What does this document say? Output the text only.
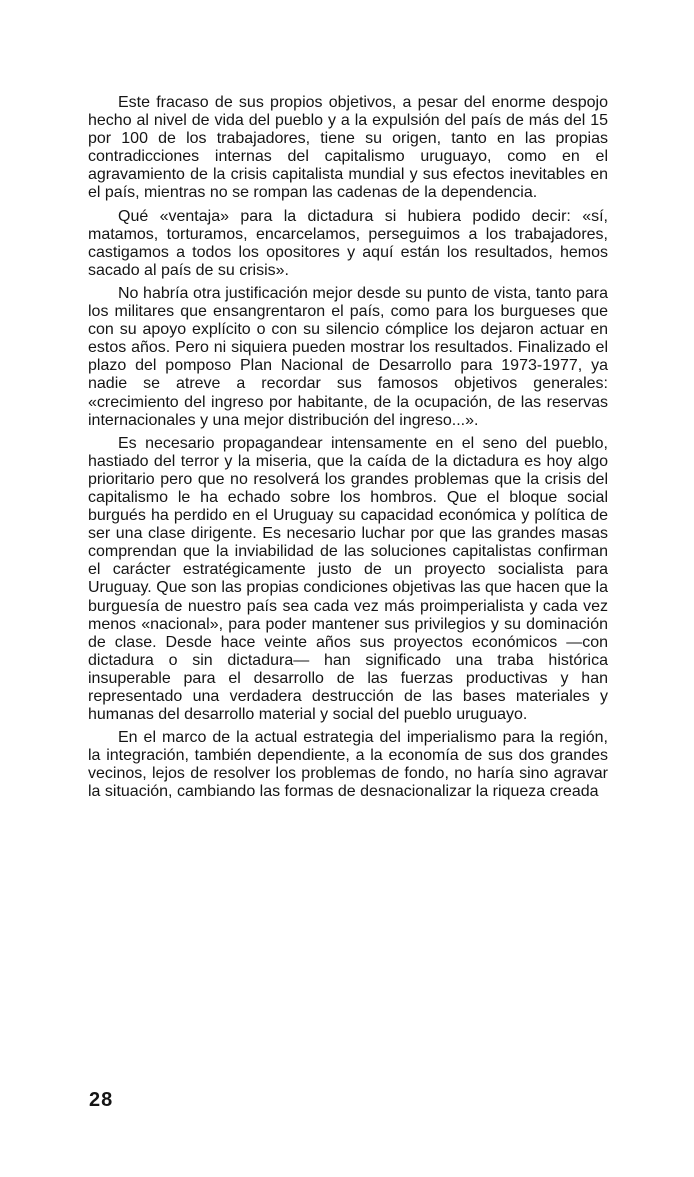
Este fracaso de sus propios objetivos, a pesar del enorme despojo hecho al nivel de vida del pueblo y a la expulsión del país de más del 15 por 100 de los trabajadores, tiene su origen, tanto en las propias contradicciones internas del capitalismo uruguayo, como en el agravamiento de la crisis capitalista mundial y sus efectos inevitables en el país, mientras no se rompan las cadenas de la dependencia.

Qué «ventaja» para la dictadura si hubiera podido decir: «sí, matamos, torturamos, encarcelamos, perseguimos a los trabajadores, castigamos a todos los opositores y aquí están los resultados, hemos sacado al país de su crisis».

No habría otra justificación mejor desde su punto de vista, tanto para los militares que ensangrentaron el país, como para los burgueses que con su apoyo explícito o con su silencio cómplice los dejaron actuar en estos años. Pero ni siquiera pueden mostrar los resultados. Finalizado el plazo del pomposo Plan Nacional de Desarrollo para 1973-1977, ya nadie se atreve a recordar sus famosos objetivos generales: «crecimiento del ingreso por habitante, de la ocupación, de las reservas internacionales y una mejor distribución del ingreso...».

Es necesario propagandear intensamente en el seno del pueblo, hastiado del terror y la miseria, que la caída de la dictadura es hoy algo prioritario pero que no resolverá los grandes problemas que la crisis del capitalismo le ha echado sobre los hombros. Que el bloque social burgués ha perdido en el Uruguay su capacidad económica y política de ser una clase dirigente. Es necesario luchar por que las grandes masas comprendan que la inviabilidad de las soluciones capitalistas confirman el carácter estratégicamente justo de un proyecto socialista para Uruguay. Que son las propias condiciones objetivas las que hacen que la burguesía de nuestro país sea cada vez más proimperialista y cada vez menos «nacional», para poder mantener sus privilegios y su dominación de clase. Desde hace veinte años sus proyectos económicos —con dictadura o sin dictadura— han significado una traba histórica insuperable para el desarrollo de las fuerzas productivas y han representado una verdadera destrucción de las bases materiales y humanas del desarrollo material y social del pueblo uruguayo.

En el marco de la actual estrategia del imperialismo para la región, la integración, también dependiente, a la economía de sus dos grandes vecinos, lejos de resolver los problemas de fondo, no haría sino agravar la situación, cambiando las formas de desnacionalizar la riqueza creada

28
